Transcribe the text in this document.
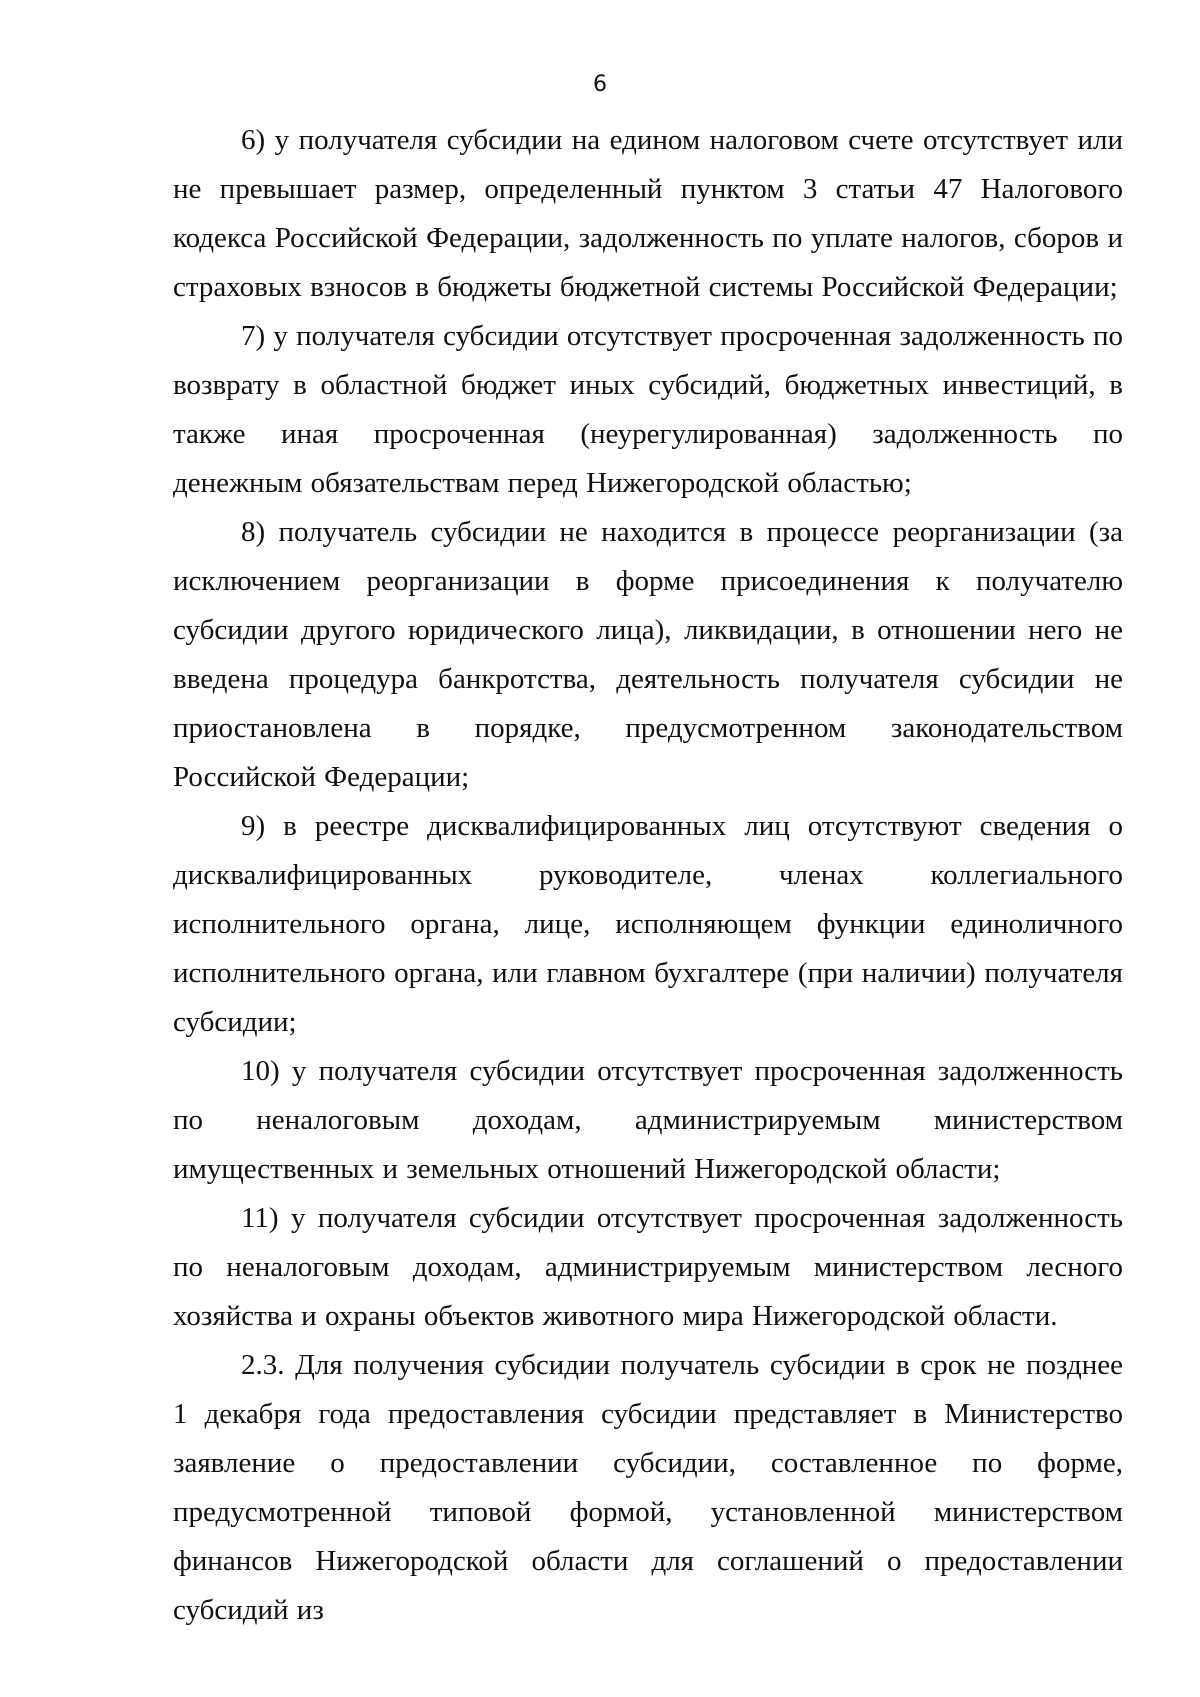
6

6) у получателя субсидии на едином налоговом счете отсутствует или не превышает размер, определенный пунктом 3 статьи 47 Налогового кодекса Российской Федерации, задолженность по уплате налогов, сборов и страховых взносов в бюджеты бюджетной системы Российской Федерации;

7) у получателя субсидии отсутствует просроченная задолженность по возврату в областной бюджет иных субсидий, бюджетных инвестиций, в также иная просроченная (неурегулированная) задолженность по денежным обязательствам перед Нижегородской областью;

8) получатель субсидии не находится в процессе реорганизации (за исключением реорганизации в форме присоединения к получателю субсидии другого юридического лица), ликвидации, в отношении него не введена процедура банкротства, деятельность получателя субсидии не приостановлена в порядке, предусмотренном законодательством Российской Федерации;

9) в реестре дисквалифицированных лиц отсутствуют сведения о дисквалифицированных руководителе, членах коллегиального исполнительного органа, лице, исполняющем функции единоличного исполнительного органа, или главном бухгалтере (при наличии) получателя субсидии;

10) у получателя субсидии отсутствует просроченная задолженность по неналоговым доходам, администрируемым министерством имущественных и земельных отношений Нижегородской области;

11) у получателя субсидии отсутствует просроченная задолженность по неналоговым доходам, администрируемым министерством лесного хозяйства и охраны объектов животного мира Нижегородской области.

2.3. Для получения субсидии получатель субсидии в срок не позднее 1 декабря года предоставления субсидии представляет в Министерство заявление о предоставлении субсидии, составленное по форме, предусмотренной типовой формой, установленной министерством финансов Нижегородской области для соглашений о предоставлении субсидий из
